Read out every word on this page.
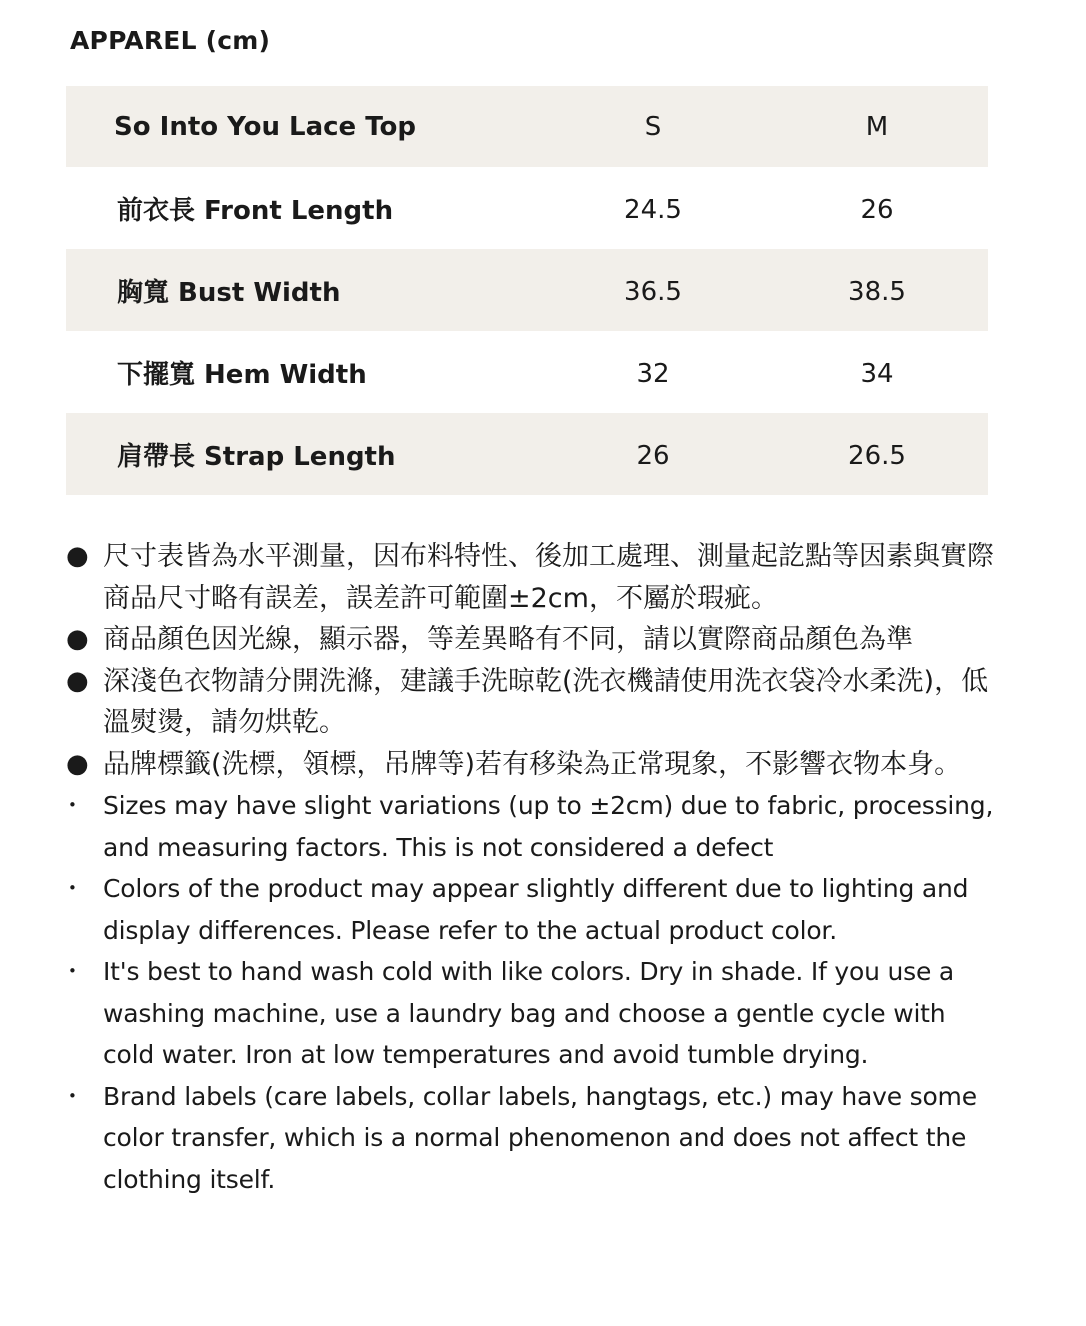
APPAREL (cm)
So Into You Lace Top	S	M
前衣長 Front Length	24.5	26
胸寬 Bust Width	36.5	38.5
下擺寬 Hem Width	32	34
肩帶長 Strap Length	26	26.5
● 尺寸表皆為水平測量，因布料特性、後加工處理、測量起訖點等因素與實際商品尺寸略有誤差，誤差許可範圍±2cm，不屬於瑕疵。
● 商品顏色因光線，顯示器，等差異略有不同，請以實際商品顏色為準
● 深淺色衣物請分開洗滌，建議手洗晾乾(洗衣機請使用洗衣袋冷水柔洗)，低溫熨燙，請勿烘乾。
● 品牌標籤(洗標，領標，吊牌等)若有移染為正常現象，不影響衣物本身。
•	Sizes may have slight variations (up to ±2cm) due to fabric, processing, and measuring factors. This is not considered a defect
•	Colors of the product may appear slightly different due to lighting and display differences. Please refer to the actual product color.
•	It's best to hand wash cold with like colors. Dry in shade. If you use a washing machine, use a laundry bag and choose a gentle cycle with cold water. Iron at low temperatures and avoid tumble drying.
•	Brand labels (care labels, collar labels, hangtags, etc.) may have some color transfer, which is a normal phenomenon and does not affect the clothing itself.
